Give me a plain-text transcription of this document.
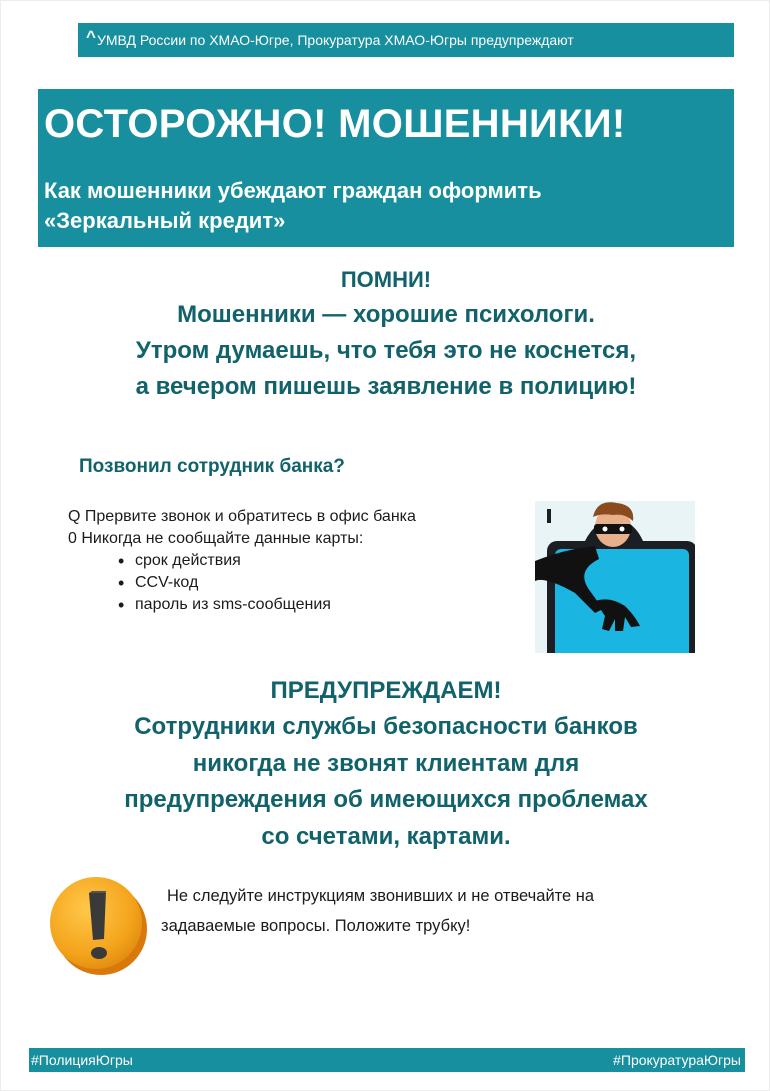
^ УМВД России по ХМАО-Югре, Прокуратура ХМАО-Югры предупреждают
ОСТОРОЖНО! МОШЕННИКИ!
Как мошенники убеждают граждан оформить
«Зеркальный кредит»
ПОМНИ!
Мошенники — хорошие психологи.
Утром думаешь, что тебя это не коснется,
а вечером пишешь заявление в полицию!
Позвонил сотрудник банка?
Q Прервите звонок и обратитесь в офис банка
0 Никогда не сообщайте данные карты:
• срок действия
• CCV-код
• пароль из sms-сообщения
ПРЕДУПРЕЖДАЕМ!
Сотрудники службы безопасности банков
никогда не звонят клиентам для
предупреждения об имеющихся проблемах
со счетами, картами.
Не следуйте инструкциям звонивших и не отвечайте на
задаваемые вопросы. Положите трубку!
#ПолицияЮгры	#ПрокуратураЮгры
